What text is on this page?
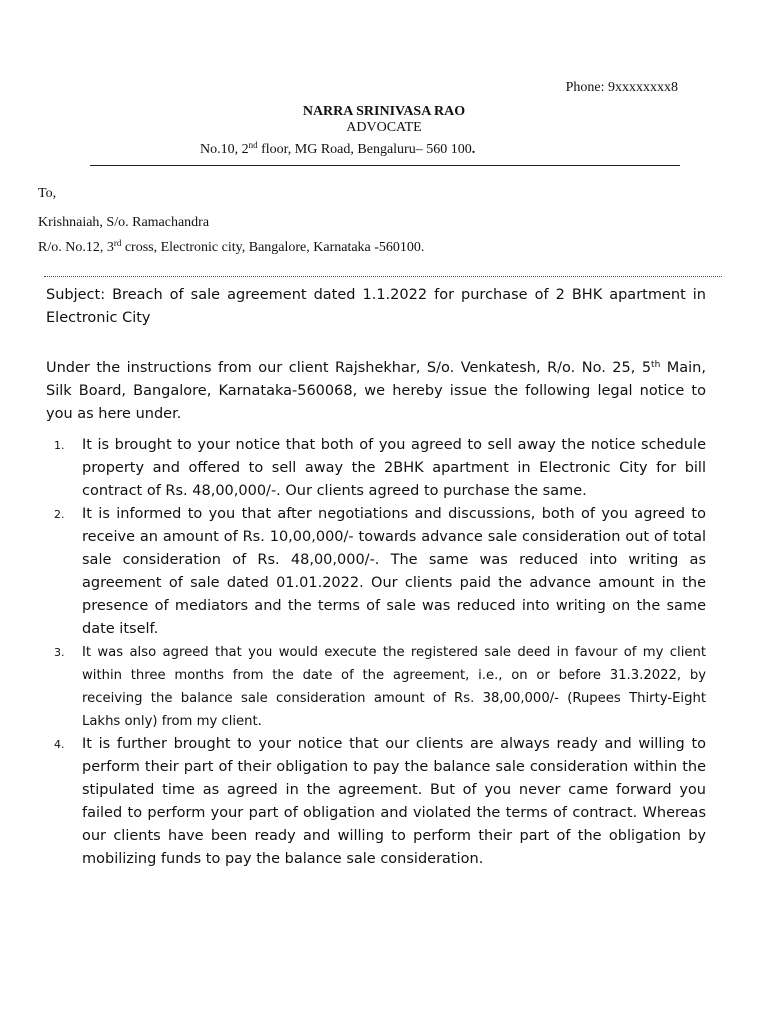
Phone: 9xxxxxxxx8
NARRA SRINIVASA RAO
ADVOCATE
No.10, 2nd floor, MG Road, Bengaluru– 560 100.
To,
Krishnaiah, S/o. Ramachandra
R/o. No.12, 3rd cross, Electronic city, Bangalore, Karnataka -560100.
Subject: Breach of sale agreement dated 1.1.2022 for purchase of 2 BHK apartment in Electronic City
Under the instructions from our client Rajshekhar, S/o. Venkatesh, R/o. No. 25, 5th Main, Silk Board, Bangalore, Karnataka-560068, we hereby issue the following legal notice to you as here under.
1. It is brought to your notice that both of you agreed to sell away the notice schedule property and offered to sell away the 2BHK apartment in Electronic City for bill contract of Rs. 48,00,000/-. Our clients agreed to purchase the same.
2. It is informed to you that after negotiations and discussions, both of you agreed to receive an amount of Rs. 10,00,000/- towards advance sale consideration out of total sale consideration of Rs. 48,00,000/-. The same was reduced into writing as agreement of sale dated 01.01.2022. Our clients paid the advance amount in the presence of mediators and the terms of sale was reduced into writing on the same date itself.
3. It was also agreed that you would execute the registered sale deed in favour of my client within three months from the date of the agreement, i.e., on or before 31.3.2022, by receiving the balance sale consideration amount of Rs. 38,00,000/- (Rupees Thirty-Eight Lakhs only) from my client.
4. It is further brought to your notice that our clients are always ready and willing to perform their part of their obligation to pay the balance sale consideration within the stipulated time as agreed in the agreement. But of you never came forward you failed to perform your part of obligation and violated the terms of contract. Whereas our clients have been ready and willing to perform their part of the obligation by mobilizing funds to pay the balance sale consideration.
